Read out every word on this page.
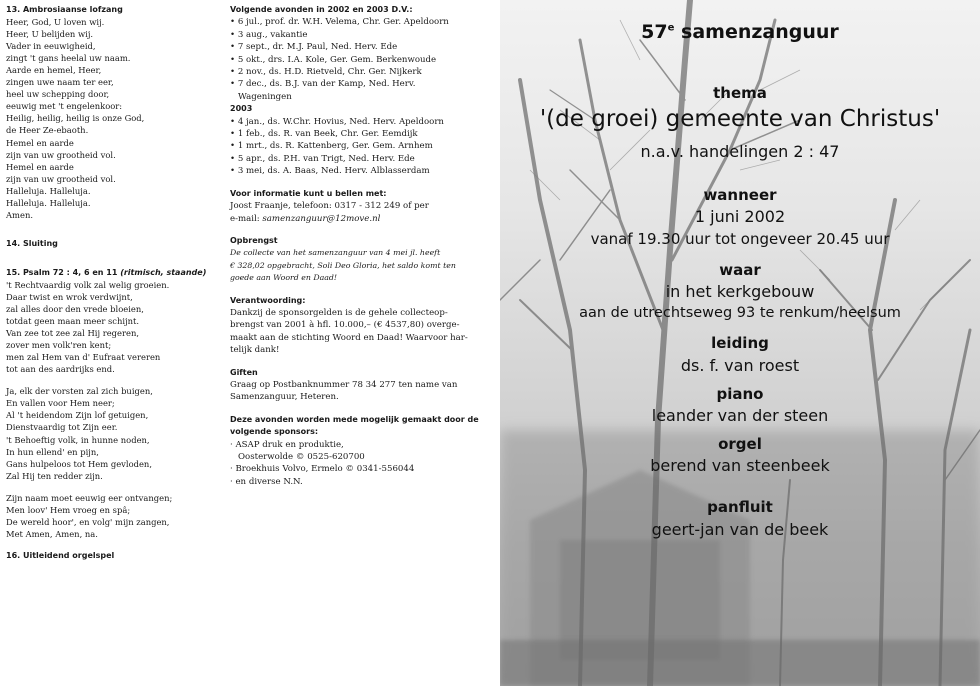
13. Ambrosiaanse lofzang

Heer, God, U loven wij.
Heer, U belijden wij.
Vader in eeuwigheid,
zingt 't gans heelal uw naam.
Aarde en hemel, Heer,
zingen uwe naam ter eer,
heel uw schepping door,
eeuwig met 't engelenkoor:
Heilig, heilig, heilig is onze God,
de Heer Ze-ebaoth.
Hemel en aarde
zijn van uw grootheid vol.
Hemel en aarde
zijn van uw grootheid vol.
Halleluja. Halleluja.
Halleluja. Halleluja.
Amen.

14. Sluiting

15. Psalm 72 : 4, 6 en 11 (ritmisch, staande)

't Rechtvaardig volk zal welig groeien.
Daar twist en wrok verdwijnt,
zal alles door den vrede bloeien,
totdat geen maan meer schijnt.
Van zee tot zee zal Hij regeren,
zover men volk'ren kent;
men zal Hem van d' Eufraat vereren
tot aan des aardrijks end.
Ja, elk der vorsten zal zich buigen,
En vallen voor Hem neer;
Al 't heidendom Zijn lof getuigen,
Dienstvaardig tot Zijn eer.
't Behoeftig volk, in hunne noden,
In hun ellend' en pijn,
Gans hulpeloos tot Hem gevloden,
Zal Hij ten redder zijn.
Zijn naam moet eeuwig eer ontvangen;
Men loov' Hem vroeg en spâ;
De wereld hoor', en volg' mijn zangen,
Met Amen, Amen, na.

16. Uitleidend orgelspel

Volgende avonden in 2002 en 2003 D.V.:

• 6 jul., prof. dr. W.H. Velema, Chr. Ger. Apeldoorn
• 3 aug., vakantie
• 7 sept., dr. M.J. Paul, Ned. Herv. Ede
• 5 okt., drs. I.A. Kole, Ger. Gem. Berkenwoude
• 2 nov., ds. H.D. Rietveld, Chr. Ger. Nijkerk
• 7 dec., ds. B.J. van der Kamp, Ned. Herv.
Wageningen

2003

• 4 jan., ds. W.Chr. Hovius, Ned. Herv. Apeldoorn
• 1 feb., ds. R. van Beek, Chr. Ger. Eemdijk
• 1 mrt., ds. R. Kattenberg, Ger. Gem. Arnhem
• 5 apr., ds. P.H. van Trigt, Ned. Herv. Ede
• 3 mei, ds. A. Baas, Ned. Herv. Alblasserdam

Voor informatie kunt u bellen met:

Joost Fraanje, telefoon: 0317 - 312 249 of per
e-mail: samenzanguur@12move.nl

Opbrengst

De collecte van het samenzanguur van 4 mei jl. heeft
€ 328,02 opgebracht, Soli Deo Gloria, het saldo komt ten
goede aan Woord en Daad!

Verantwoording:

Dankzij de sponsorgelden is de gehele collecteop-
brengst van 2001 à hfl. 10.000,– (€ 4537,80) overge-
maakt aan de stichting Woord en Daad! Waarvoor har-
telijk dank!

Giften

Graag op Postbanknummer 78 34 277 ten name van
Samenzanguur, Heteren.

Deze avonden worden mede mogelijk gemaakt door de

volgende sponsors:

· ASAP druk en produktie,
Oosterwolde © 0525-620700
· Broekhuis Volvo, Ermelo © 0341-556044
· en diverse N.N.
57e samenzanguur
thema
'(de groei) gemeente van Christus'
n.a.v. handelingen 2 : 47
wanneer
1 juni 2002
vanaf 19.30 uur tot ongeveer 20.45 uur
waar
in het kerkgebouw
aan de utrechtseweg 93 te renkum/heelsum
leiding
ds. f. van roest
piano
leander van der steen
orgel
berend van steenbeek
panfluit
geert-jan van de beek
